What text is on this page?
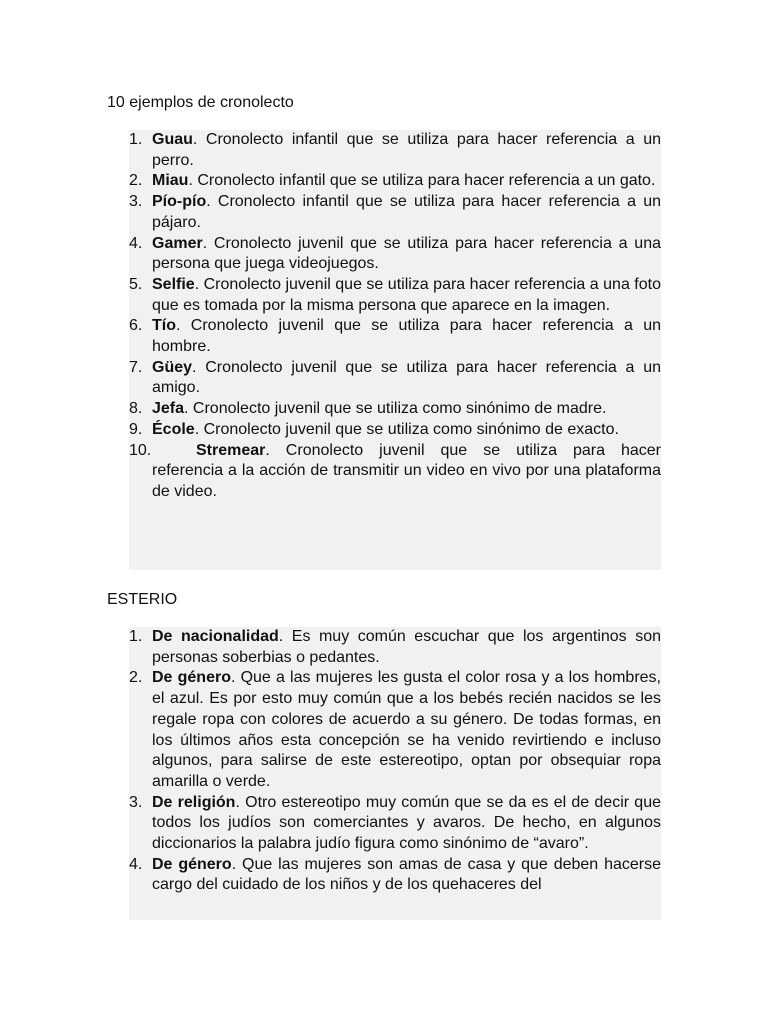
10 ejemplos de cronolecto
1. Guau. Cronolecto infantil que se utiliza para hacer referencia a un perro.
2. Miau. Cronolecto infantil que se utiliza para hacer referencia a un gato.
3. Pío-pío. Cronolecto infantil que se utiliza para hacer referencia a un pájaro.
4. Gamer. Cronolecto juvenil que se utiliza para hacer referencia a una persona que juega videojuegos.
5. Selfie. Cronolecto juvenil que se utiliza para hacer referencia a una foto que es tomada por la misma persona que aparece en la imagen.
6. Tío. Cronolecto juvenil que se utiliza para hacer referencia a un hombre.
7. Güey. Cronolecto juvenil que se utiliza para hacer referencia a un amigo.
8. Jefa. Cronolecto juvenil que se utiliza como sinónimo de madre.
9. École. Cronolecto juvenil que se utiliza como sinónimo de exacto.
10.	Stremear. Cronolecto juvenil que se utiliza para hacer
referencia a la acción de transmitir un video en vivo por una plataforma de video.
ESTERIO
1. De nacionalidad. Es muy común escuchar que los argentinos son personas soberbias o pedantes.
2. De género. Que a las mujeres les gusta el color rosa y a los hombres, el azul. Es por esto muy común que a los bebés recién nacidos se les regale ropa con colores de acuerdo a su género. De todas formas, en los últimos años esta concepción se ha venido revirtiendo e incluso algunos, para salirse de este estereotipo, optan por obsequiar ropa amarilla o verde.
3. De religión. Otro estereotipo muy común que se da es el de decir que todos los judíos son comerciantes y avaros. De hecho, en algunos diccionarios la palabra judío figura como sinónimo de “avaro”.
4. De género. Que las mujeres son amas de casa y que deben hacerse cargo del cuidado de los niños y de los quehaceres del
